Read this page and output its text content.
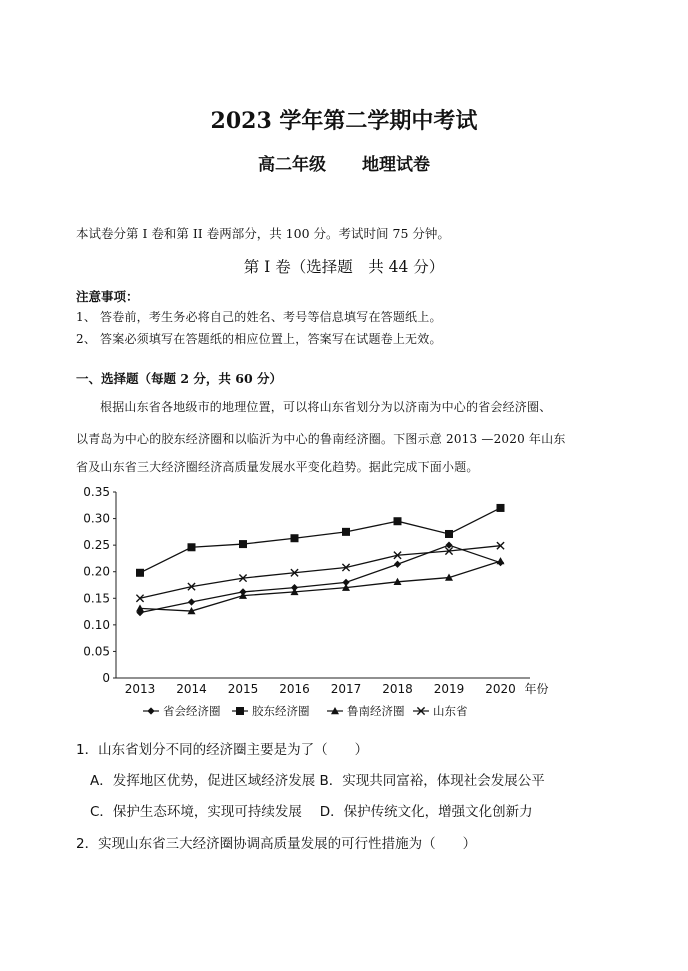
2023 学年第二学期中考试
高二年级 地理试卷
本试卷分第 I 卷和第 II 卷两部分，共 100 分。考试时间 75 分钟。
第 I 卷（选择题　共 44 分）
注意事项：
1、 答卷前，考生务必将自己的姓名、考号等信息填写在答题纸上。
2、 答案必须填写在答题纸的相应位置上，答案写在试题卷上无效。
一、选择题（每题 2 分，共 60 分）
根据山东省各地级市的地理位置，可以将山东省划分为以济南为中心的省会经济圈、
以青岛为中心的胶东经济圈和以临沂为中心的鲁南经济圈。下图示意 2013 —2020 年山东
省及山东省三大经济圈经济高质量发展水平变化趋势。据此完成下面小题。
0
0.05
0.10
0.15
0.20
0.25
0.30
0.35
2013 2014 2015 2016 2017 2018 2019 2020 年份
省会经济圈	胶东经济圈	鲁南经济圈 山东省
1．山东省划分不同的经济圈主要是为了（　　）
A．发挥地区优势，促进区域经济发展 B．实现共同富裕，体现社会发展公平
C．保护生态环境，实现可持续发展　 D．保护传统文化，增强文化创新力
2．实现山东省三大经济圈协调高质量发展的可行性措施为（　　）
